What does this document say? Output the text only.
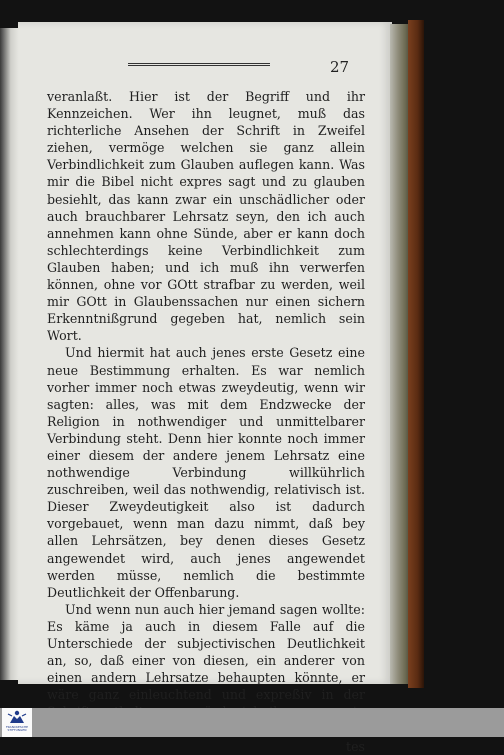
27

veranlaßt. Hier ist der Begriff und ihr Kennzeichen. Wer ihn leugnet, muß das richterliche Ansehen der Schrift in Zweifel ziehen, vermöge welchen sie ganz allein Verbindlichkeit zum Glauben auflegen kann. Was mir die Bibel nicht expres sagt und zu glauben besiehlt, das kann zwar ein unschädlicher oder auch brauchbarer Lehrsatz seyn, den ich auch annehmen kann ohne Sünde, aber er kann doch schlechterdings keine Verbindlichkeit zum Glauben haben; und ich muß ihn verwerfen können, ohne vor GOtt strafbar zu werden, weil mir GOtt in Glaubenssachen nur einen sichern Erkenntnißgrund gegeben hat, nemlich sein Wort.

Und hiermit hat auch jenes erste Gesetz eine neue Bestimmung erhalten. Es war nemlich vorher immer noch etwas zweydeutig, wenn wir sagten: alles, was mit dem Endzwecke der Religion in nothwendiger und unmittelbarer Verbindung steht. Denn hier konnte noch immer einer diesem der andere jenem Lehrsatz eine nothwendige Verbindung willkührlich zuschreiben, weil das nothwendig, relativisch ist. Dieser Zweydeutigkeit also ist dadurch vorgebauet, wenn man dazu nimmt, daß bey allen Lehrsätzen, bey denen dieses Gesetz angewendet wird, auch jenes angewendet werden müsse, nemlich die bestimmte Deutlichkeit der Offenbarung.

Und wenn nun auch hier jemand sagen wollte: Es käme ja auch in diesem Falle auf die Unterschiede der subjectivischen Deutlichkeit an, so, daß einer von diesen, ein anderer von einen andern Lehrsatze behaupten könnte, er wäre ganz einleuchtend und expreßiv in der

tes

FRANCKESCHE STIFTUNGEN
